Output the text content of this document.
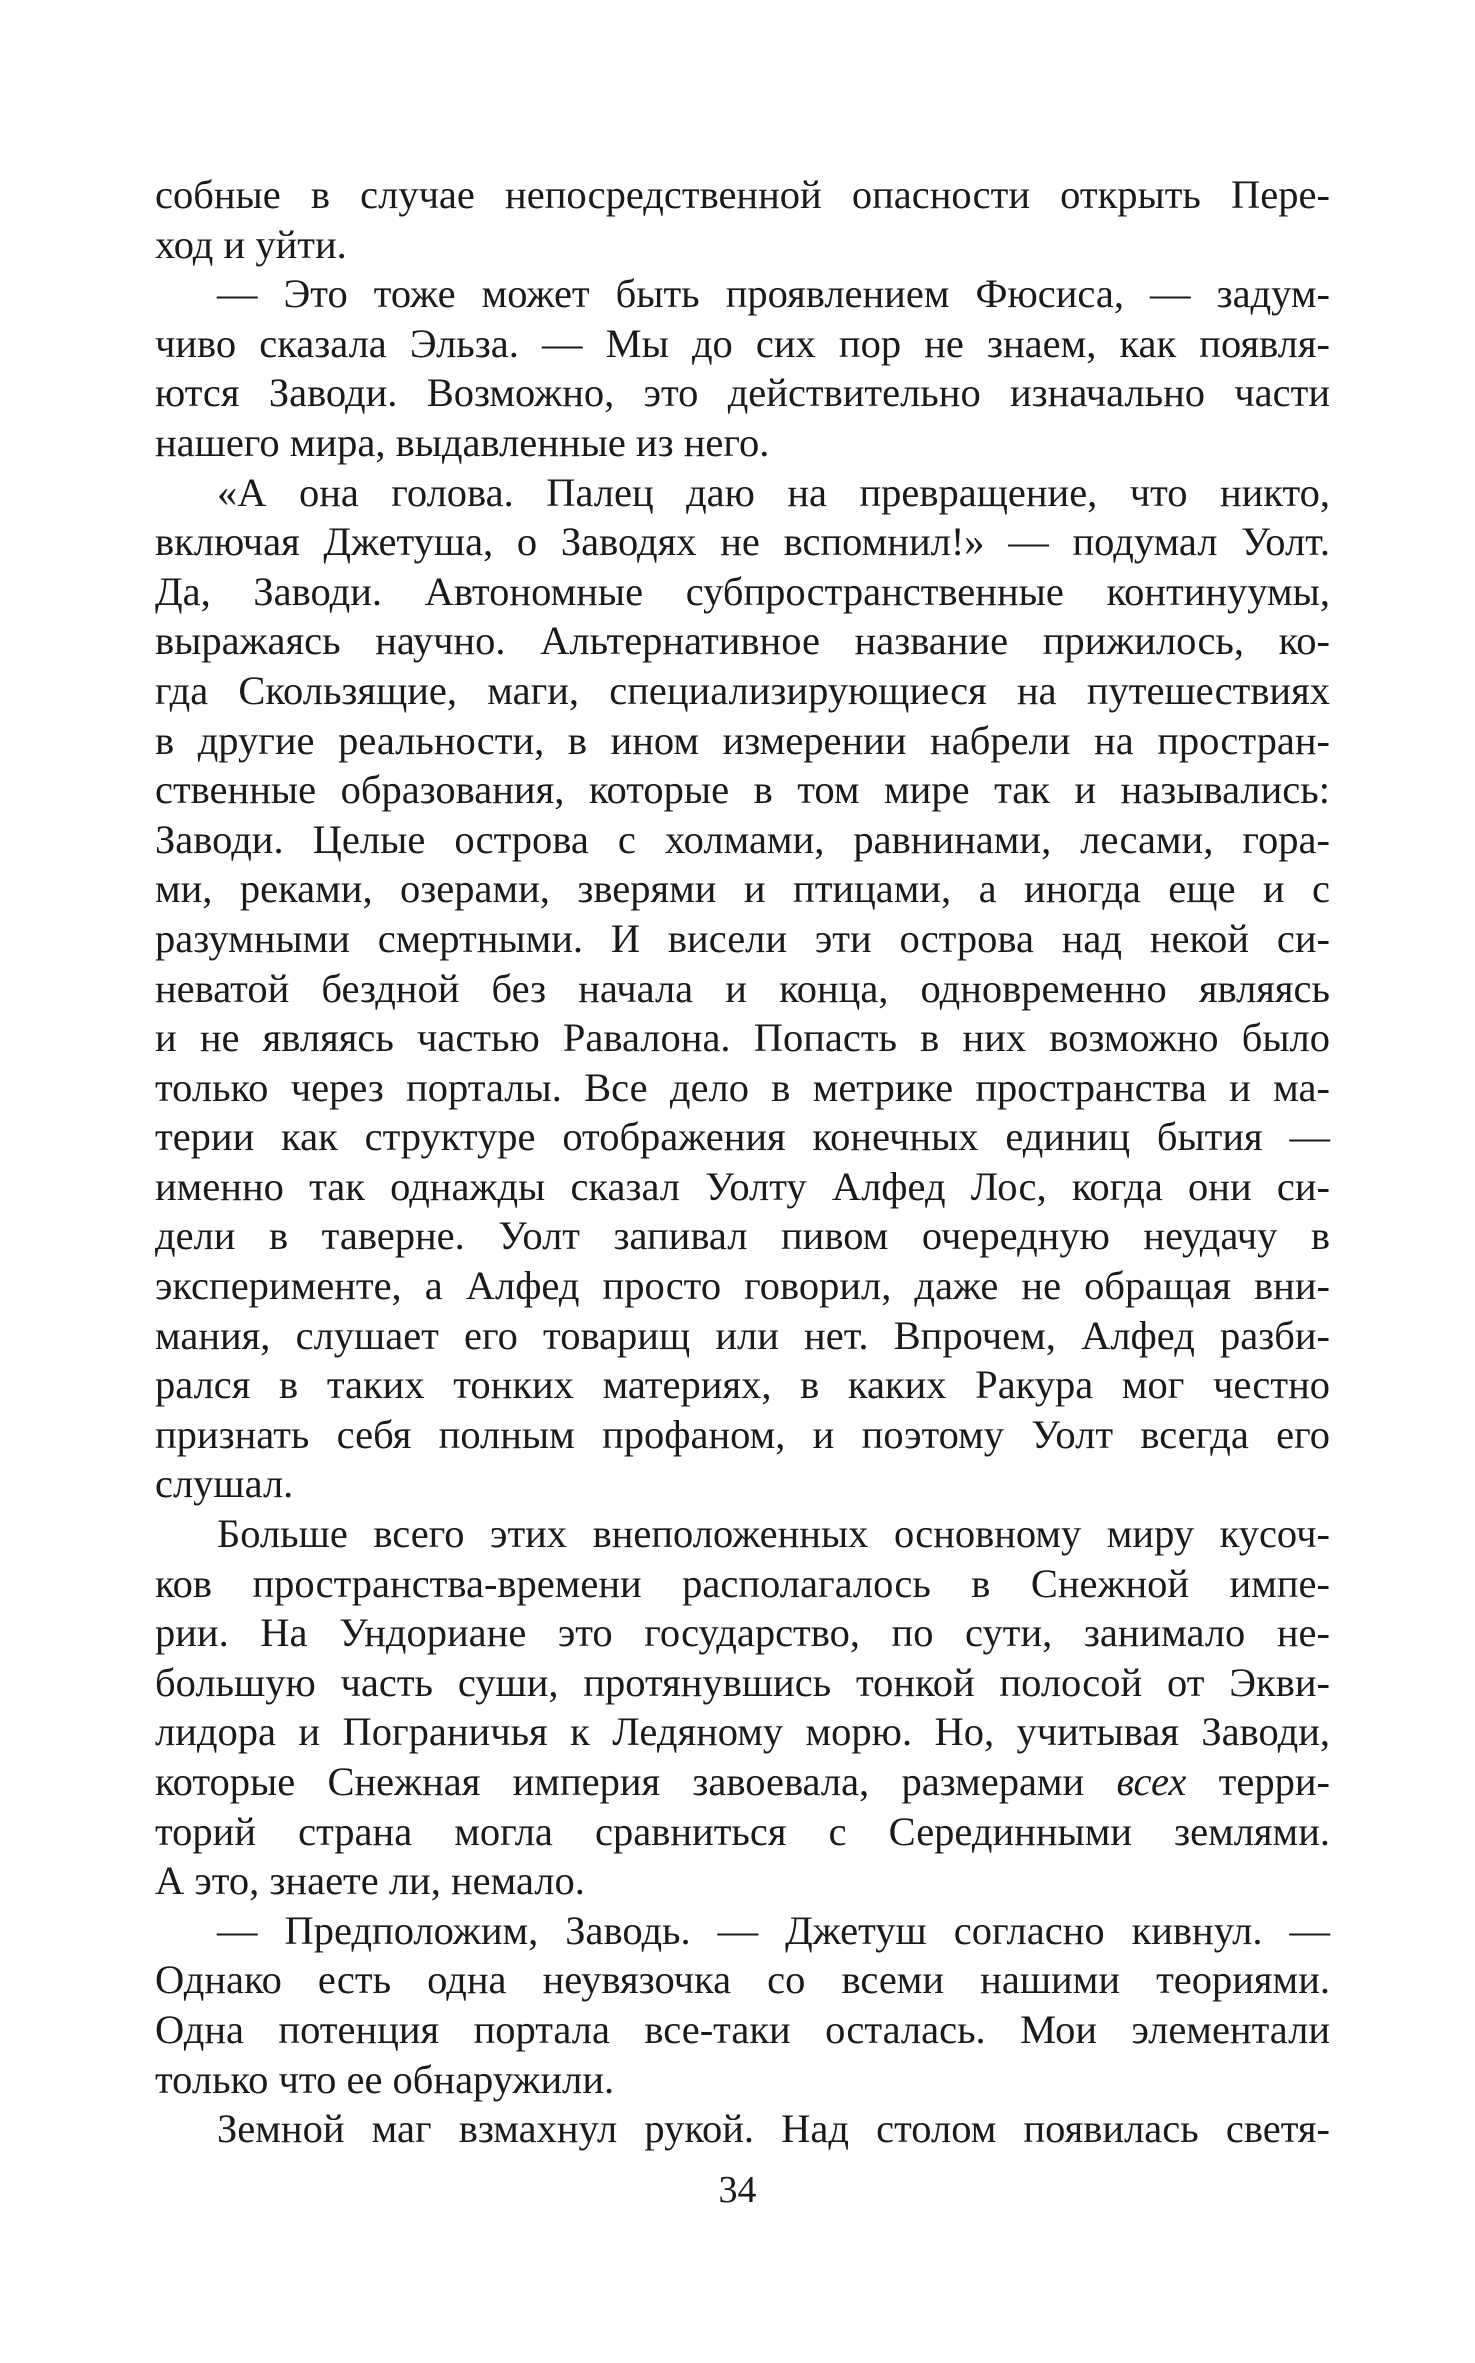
собные в случае непосредственной опасности открыть Пере-
ход и уйти.
— Это тоже может быть проявлением Фюсиса, — задум-
чиво сказала Эльза. — Мы до сих пор не знаем, как появля-
ются Заводи. Возможно, это действительно изначально части
нашего мира, выдавленные из него.
«А она голова. Палец даю на превращение, что никто,
включая Джетуша, о Заводях не вспомнил!» — подумал Уолт.
Да, Заводи. Автономные субпространственные континуумы,
выражаясь научно. Альтернативное название прижилось, ко-
гда Скользящие, маги, специализирующиеся на путешествиях
в другие реальности, в ином измерении набрели на простран-
ственные образования, которые в том мире так и назывались:
Заводи. Целые острова с холмами, равнинами, лесами, гора-
ми, реками, озерами, зверями и птицами, а иногда еще и с
разумными смертными. И висели эти острова над некой си-
неватой бездной без начала и конца, одновременно являясь
и не являясь частью Равалона. Попасть в них возможно было
только через порталы. Все дело в метрике пространства и ма-
терии как структуре отображения конечных единиц бытия —
именно так однажды сказал Уолту Алфед Лос, когда они си-
дели в таверне. Уолт запивал пивом очередную неудачу в
эксперименте, а Алфед просто говорил, даже не обращая вни-
мания, слушает его товарищ или нет. Впрочем, Алфед разби-
рался в таких тонких материях, в каких Ракура мог честно
признать себя полным профаном, и поэтому Уолт всегда его
слушал.
Больше всего этих внеположенных основному миру кусоч-
ков пространства-времени располагалось в Снежной импе-
рии. На Ундориане это государство, по сути, занимало не-
большую часть суши, протянувшись тонкой полосой от Экви-
лидора и Пограничья к Ледяному морю. Но, учитывая Заводи,
которые Снежная империя завоевала, размерами всех терри-
торий страна могла сравниться с Серединными землями.
А это, знаете ли, немало.
— Предположим, Заводь. — Джетуш согласно кивнул. —
Однако есть одна неувязочка со всеми нашими теориями.
Одна потенция портала все-таки осталась. Мои элементали
только что ее обнаружили.
Земной маг взмахнул рукой. Над столом появилась светя-
34
